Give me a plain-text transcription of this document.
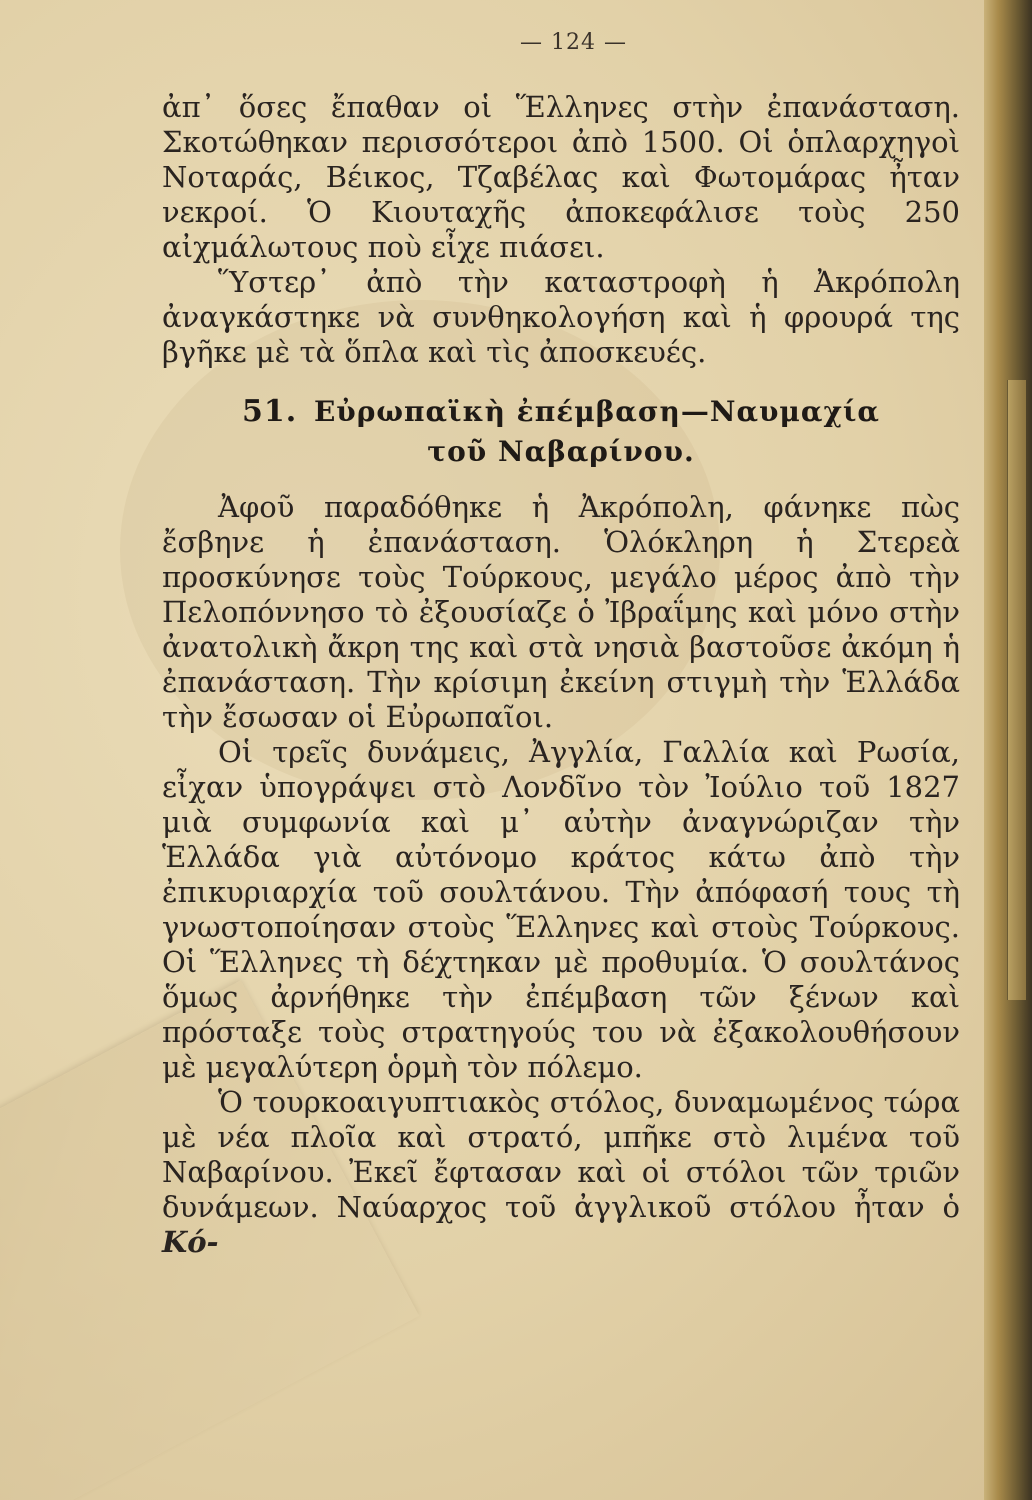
— 124 —

ἀπ᾽ ὅσες ἔπαθαν οἱ Ἕλληνες στὴν ἐπανάσταση. Σκοτώθηκαν περισσότεροι ἀπὸ 1500. Οἱ ὁπλαρχηγοὶ Νοταράς, Βέικος, Τζαβέλας καὶ Φωτομάρας ἦταν νεκροί. Ὁ Κιουταχῆς ἀποκεφάλισε τοὺς 250 αἰχμάλωτους ποὺ εἶχε πιάσει.

Ὕστερ᾽ ἀπὸ τὴν καταστροφὴ ἡ Ἀκρόπολη ἀναγκάστηκε νὰ συνθηκολογήση καὶ ἡ φρουρά της βγῆκε μὲ τὰ ὅπλα καὶ τὶς ἀποσκευές.

51. Εὐρωπαϊκὴ ἐπέμβαση—Ναυμαχία
τοῦ Ναβαρίνου.

Ἀφοῦ παραδόθηκε ἡ Ἀκρόπολη, φάνηκε πὼς ἔσβηνε ἡ ἐπανάσταση. Ὁλόκληρη ἡ Στερεὰ προσκύνησε τοὺς Τούρκους, μεγάλο μέρος ἀπὸ τὴν Πελοπόννησο τὸ ἐξουσίαζε ὁ Ἰβραΐμης καὶ μόνο στὴν ἀνατολικὴ ἄκρη της καὶ στὰ νησιὰ βαστοῦσε ἀκόμη ἡ ἐπανάσταση. Τὴν κρίσιμη ἐκείνη στιγμὴ τὴν Ἑλλάδα τὴν ἔσωσαν οἱ Εὐρωπαῖοι.

Οἱ τρεῖς δυνάμεις, Ἀγγλία, Γαλλία καὶ Ρωσία, εἶχαν ὑπογράψει στὸ Λονδῖνο τὸν Ἰούλιο τοῦ 1827 μιὰ συμφωνία καὶ μ᾽ αὐτὴν ἀναγνώριζαν τὴν Ἑλλάδα γιὰ αὐτόνομο κράτος κάτω ἀπὸ τὴν ἐπικυριαρχία τοῦ σουλτάνου. Τὴν ἀπόφασή τους τὴ γνωστοποίησαν στοὺς Ἕλληνες καὶ στοὺς Τούρκους. Οἱ Ἕλληνες τὴ δέχτηκαν μὲ προθυμία. Ὁ σουλτάνος ὅμως ἀρνήθηκε τὴν ἐπέμβαση τῶν ξένων καὶ πρόσταξε τοὺς στρατηγούς του νὰ ἐξακολουθήσουν μὲ μεγαλύτερη ὁρμὴ τὸν πόλεμο.

Ὁ τουρκοαιγυπτιακὸς στόλος, δυναμωμένος τώρα μὲ νέα πλοῖα καὶ στρατό, μπῆκε στὸ λιμένα τοῦ Ναβαρίνου. Ἐκεῖ ἔφτασαν καὶ οἱ στόλοι τῶν τριῶν δυνάμεων. Ναύαρχος τοῦ ἀγγλικοῦ στόλου ἦταν ὁ Κό-
